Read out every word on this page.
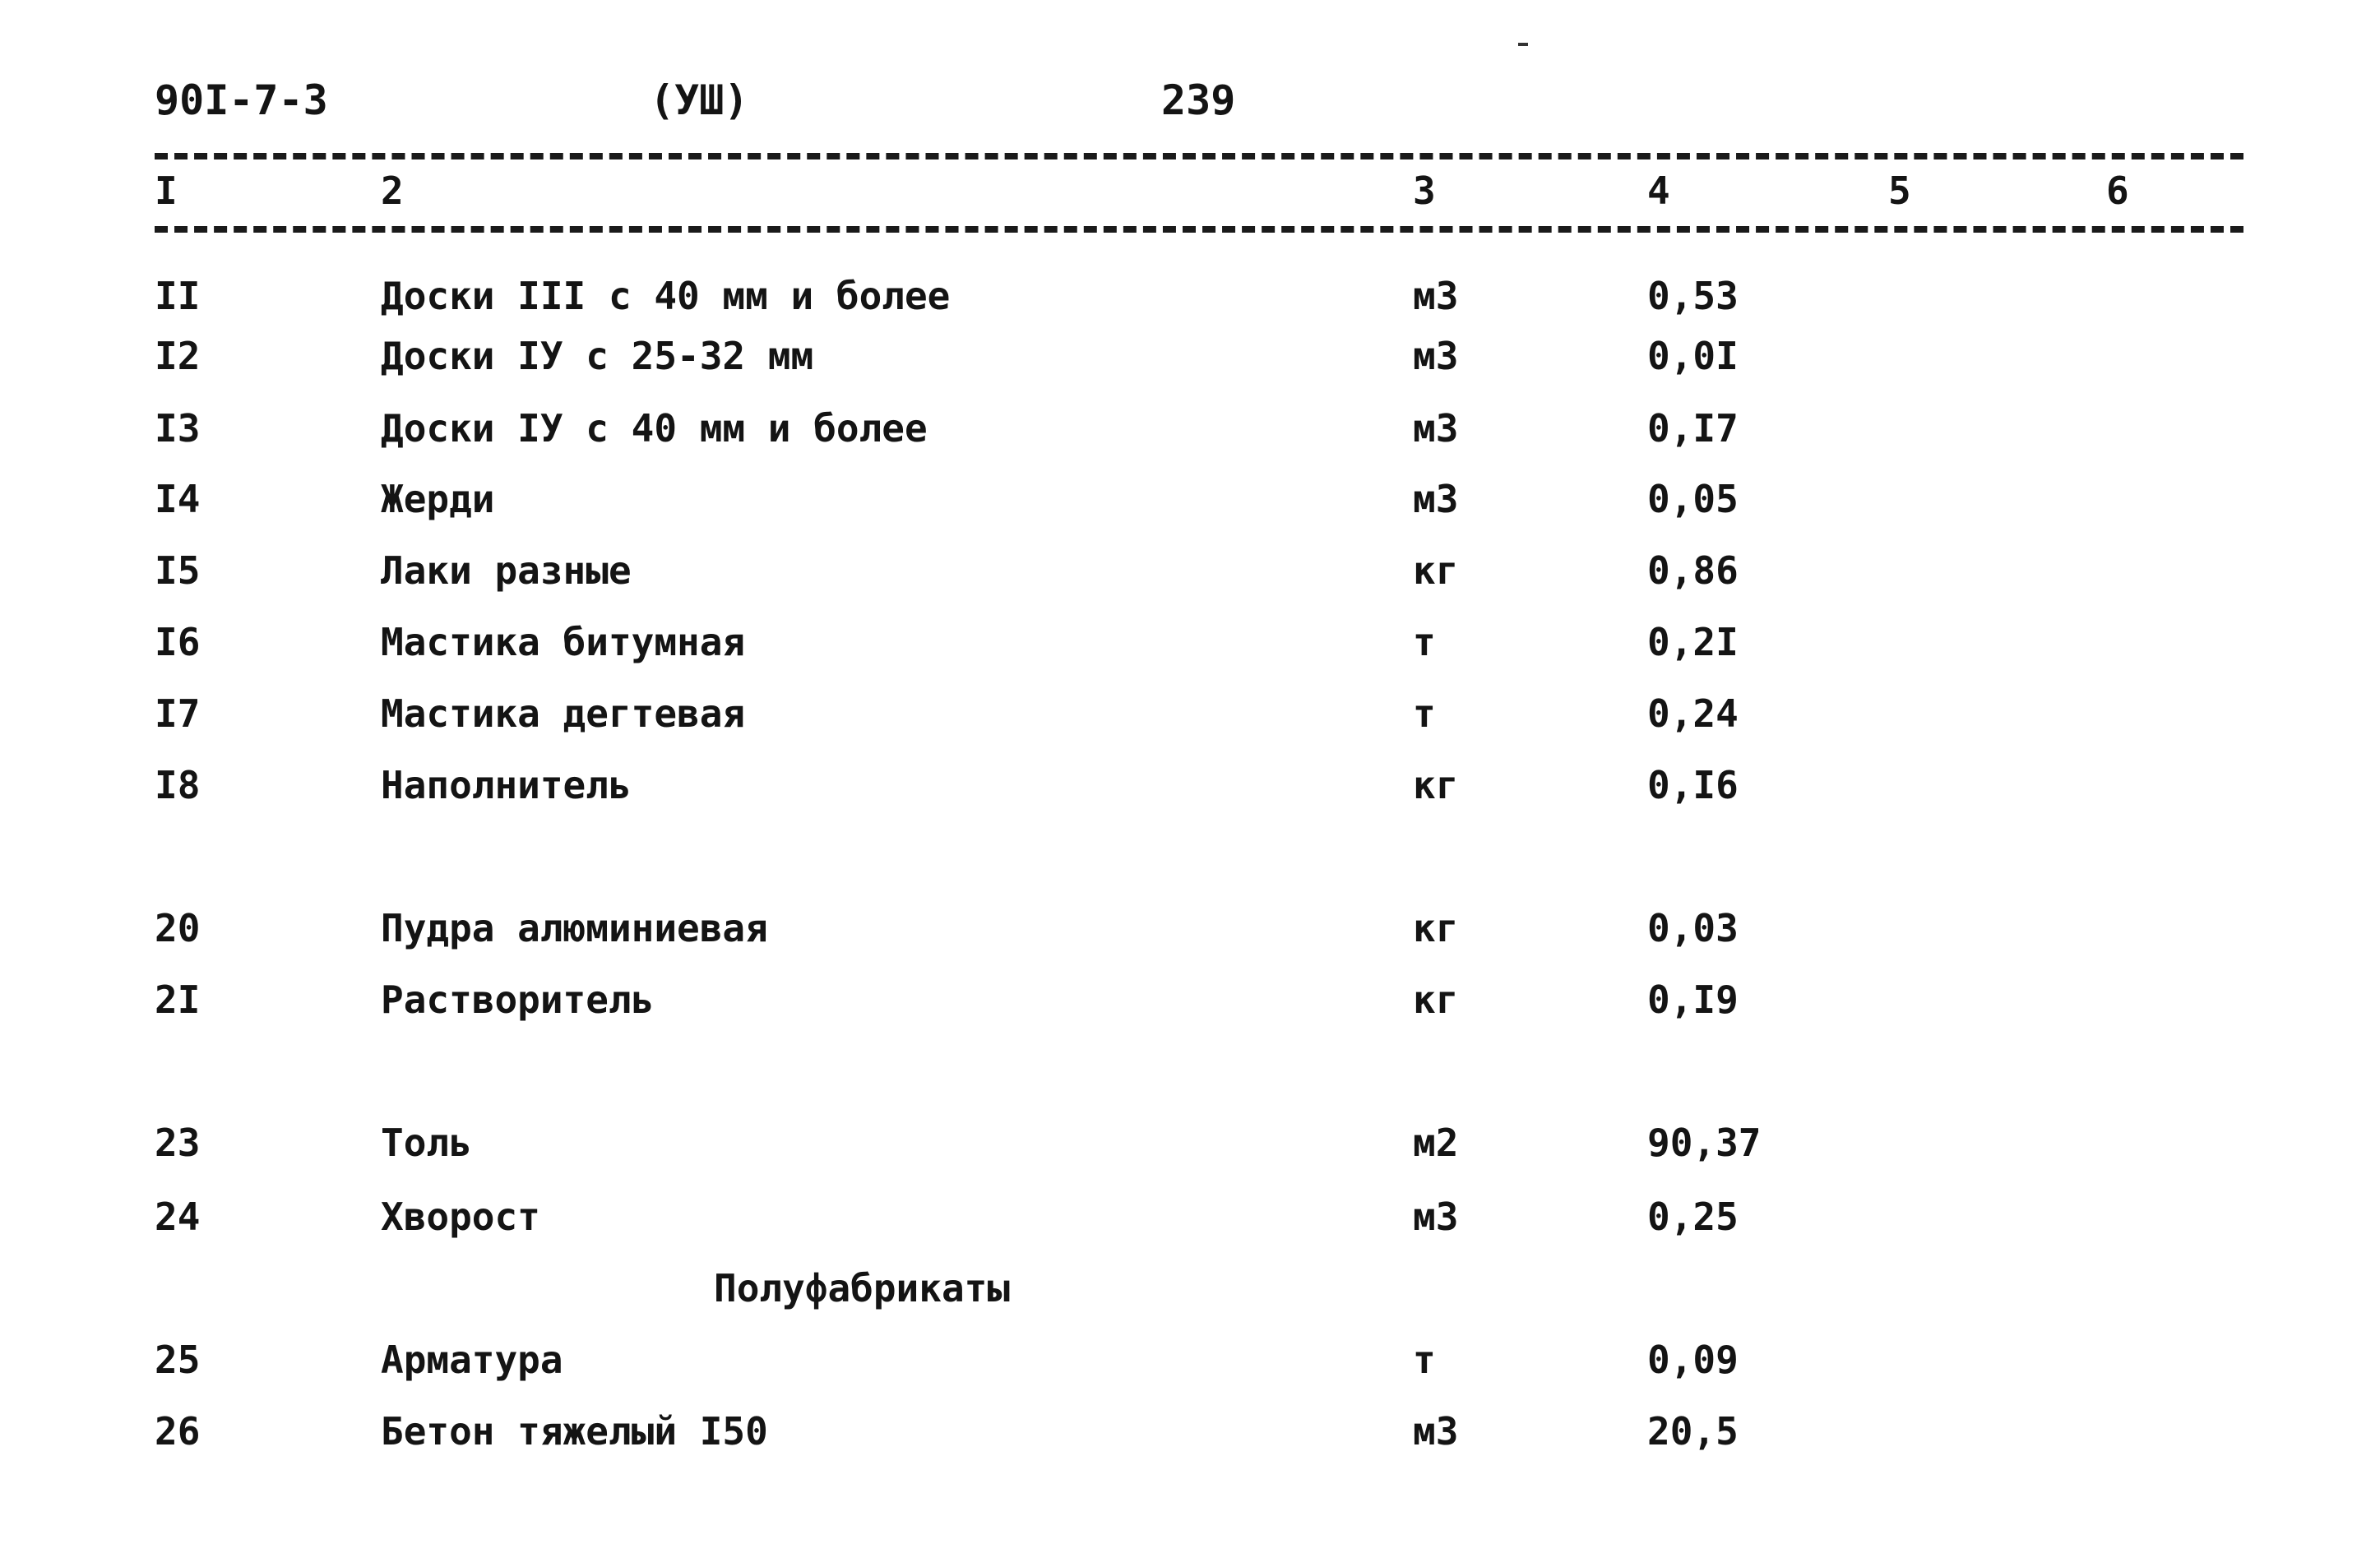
90I-7-3	(УШ)	239
I	2	3	4	5	6
II	Доски III с 40 мм и более	м3	0,53
I2	Доски IУ с 25-32 мм	м3	0,0I
I3	Доски IУ с 40 мм и более	м3	0,I7
I4	Жерди	м3	0,05
I5	Лаки разные	кг	0,86
I6	Мастика битумная	т	0,2I
I7	Мастика дегтевая	т	0,24
I8	Наполнитель	кг	0,I6
20	Пудра алюминиевая	кг	0,03
2I	Растворитель	кг	0,I9
23	Толь	м2	90,37
24	Хворост	м3	0,25
Полуфабрикаты
25	Арматура	т	0,09
26	Бетон тяжелый I50	м3	20,5
